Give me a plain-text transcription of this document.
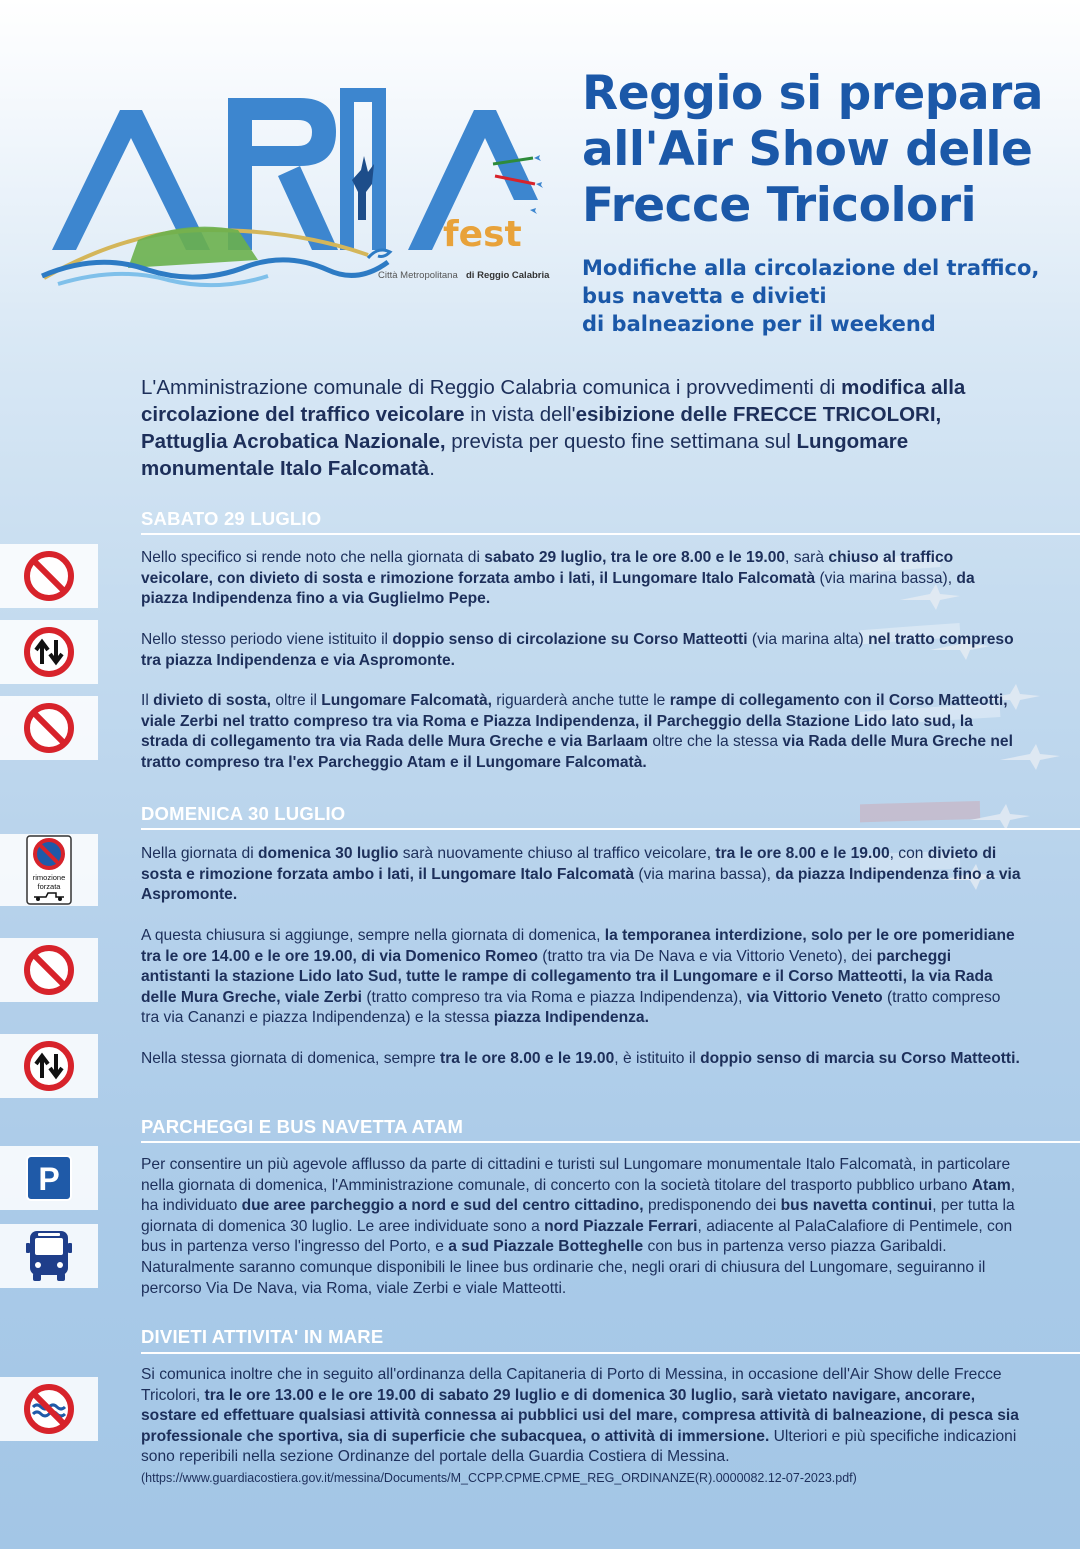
fest
Città Metropolitana di Reggio Calabria
Reggio si prepara
all'Air Show delle
Frecce Tricolori
Modifiche alla circolazione del traffico,
bus navetta e divieti
di balneazione per il weekend
L'Amministrazione comunale di Reggio Calabria comunica i provvedimenti di modifica alla circolazione del traffico veicolare in vista dell'esibizione delle FRECCE TRICOLORI, Pattuglia Acrobatica Nazionale, prevista per questo fine settimana sul Lungomare monumentale Italo Falcomatà.
SABATO 29 LUGLIO
Nello specifico si rende noto che nella giornata di sabato 29 luglio, tra le ore 8.00 e le 19.00, sarà chiuso al traffico veicolare, con divieto di sosta e rimozione forzata ambo i lati, il Lungomare Italo Falcomatà (via marina bassa), da piazza Indipendenza fino a via Guglielmo Pepe.
Nello stesso periodo viene istituito il doppio senso di circolazione su Corso Matteotti (via marina alta) nel tratto compreso tra piazza Indipendenza e via Aspromonte.
Il divieto di sosta, oltre il Lungomare Falcomatà, riguarderà anche tutte le rampe di collegamento con il Corso Matteotti, viale Zerbi nel tratto compreso tra via Roma e Piazza Indipendenza, il Parcheggio della Stazione Lido lato sud, la strada di collegamento tra via Rada delle Mura Greche e via Barlaam oltre che la stessa via Rada delle Mura Greche nel tratto compreso tra l'ex Parcheggio Atam e il Lungomare Falcomatà.
DOMENICA 30 LUGLIO
rimozione
forzata
Nella giornata di domenica 30 luglio sarà nuovamente chiuso al traffico veicolare, tra le ore 8.00 e le 19.00, con divieto di sosta e rimozione forzata ambo i lati, il Lungomare Italo Falcomatà (via marina bassa), da piazza Indipendenza fino a via Aspromonte.
A questa chiusura si aggiunge, sempre nella giornata di domenica, la temporanea interdizione, solo per le ore pomeridiane tra le ore 14.00 e le ore 19.00, di via Domenico Romeo (tratto tra via De Nava e via Vittorio Veneto), dei parcheggi antistanti la stazione Lido lato Sud, tutte le rampe di collegamento tra il Lungomare e il Corso Matteotti, la via Rada delle Mura Greche, viale Zerbi (tratto compreso tra via Roma e piazza Indipendenza), via Vittorio Veneto (tratto compreso tra via Cananzi e piazza Indipendenza) e la stessa piazza Indipendenza.
Nella stessa giornata di domenica, sempre tra le ore 8.00 e le 19.00, è istituito il doppio senso di marcia su Corso Matteotti.
PARCHEGGI E BUS NAVETTA ATAM
P	Per consentire un più agevole afflusso da parte di cittadini e turisti sul Lungomare monumentale Italo Falcomatà, in particolare nella giornata di domenica, l'Amministrazione comunale, di concerto con la società titolare del trasporto pubblico urbano Atam, ha individuato due aree parcheggio a nord e sud del centro cittadino, predisponendo dei bus navetta continui, per tutta la giornata di domenica 30 luglio. Le aree individuate sono a nord Piazzale Ferrari, adiacente al PalaCalafiore di Pentimele, con bus in partenza verso l'ingresso del Porto, e a sud Piazzale Botteghelle con bus in partenza verso piazza Garibaldi. Naturalmente saranno comunque disponibili le linee bus ordinarie che, negli orari di chiusura del Lungomare, seguiranno il percorso Via De Nava, via Roma, viale Zerbi e viale Matteotti.
DIVIETI ATTIVITA' IN MARE
Si comunica inoltre che in seguito all'ordinanza della Capitaneria di Porto di Messina, in occasione dell'Air Show delle Frecce Tricolori, tra le ore 13.00 e le ore 19.00 di sabato 29 luglio e di domenica 30 luglio, sarà vietato navigare, ancorare, sostare ed effettuare qualsiasi attività connessa ai pubblici usi del mare, compresa attività di balneazione, di pesca sia professionale che sportiva, sia di superficie che subacquea, o attività di immersione. Ulteriori e più specifiche indicazioni sono reperibili nella sezione Ordinanze del portale della Guardia Costiera di Messina. (https://www.guardiacostiera.gov.it/messina/Documents/M_CCPP.CPME.CPME_REG_ORDINANZE(R).0000082.12-07-2023.pdf)
